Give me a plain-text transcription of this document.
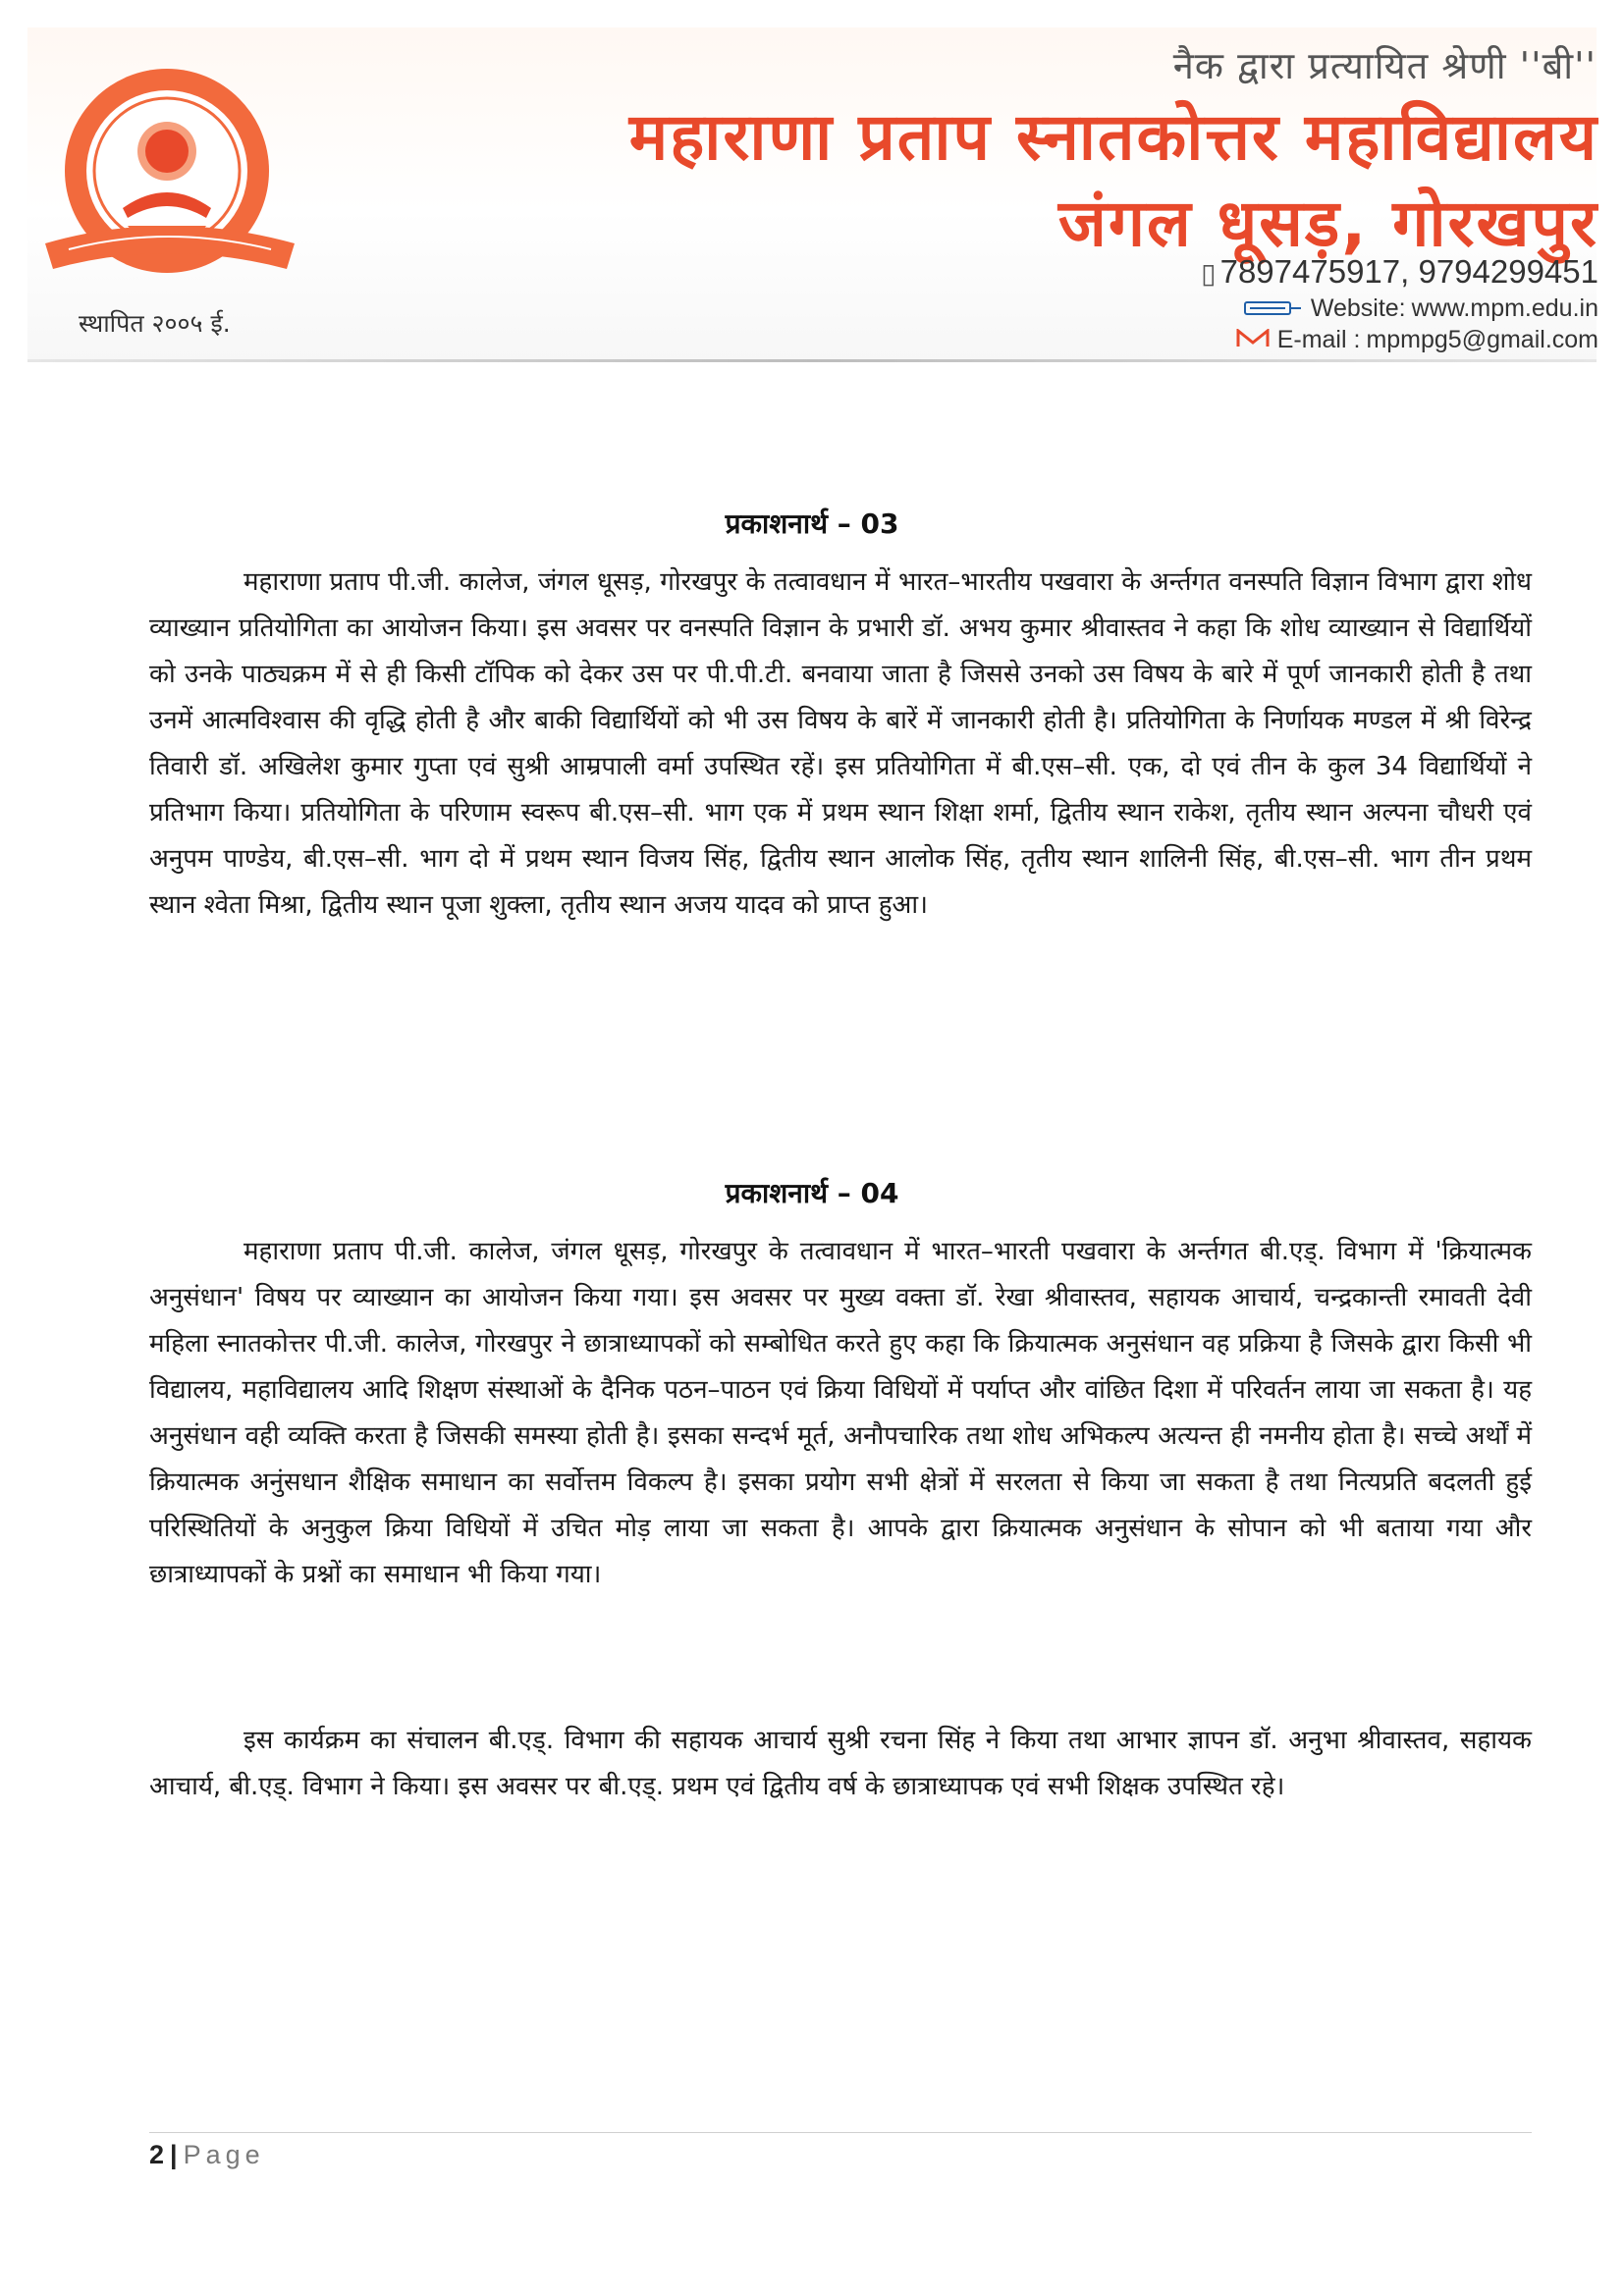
स्थापित २००५ ई.
नैक द्वारा प्रत्यायित श्रेणी ''बी''
महाराणा प्रताप स्नातकोत्तर महाविद्यालय
जंगल धूसड़, गोरखपुर
▯ 7897475917, 9794299451
Website: www.mpm.edu.in
E-mail : mpmpg5@gmail.com
प्रकाशनार्थ – 03

महाराणा प्रताप पी.जी. कालेज, जंगल धूसड़, गोरखपुर के तत्वावधान में भारत–भारतीय पखवारा के अर्न्तगत वनस्पति विज्ञान विभाग द्वारा शोध व्याख्यान प्रतियोगिता का आयोजन किया। इस अवसर पर वनस्पति विज्ञान के प्रभारी डॉ. अभय कुमार श्रीवास्तव ने कहा कि शोध व्याख्यान से विद्यार्थियों को उनके पाठ्यक्रम में से ही किसी टॉपिक को देकर उस पर पी.पी.टी. बनवाया जाता है जिससे उनको उस विषय के बारे में पूर्ण जानकारी होती है तथा उनमें आत्मविश्वास की वृद्धि होती है और बाकी विद्यार्थियों को भी उस विषय के बारें में जानकारी होती है। प्रतियोगिता के निर्णायक मण्डल में श्री विरेन्द्र तिवारी डॉ. अखिलेश कुमार गुप्ता एवं सुश्री आम्रपाली वर्मा उपस्थित रहें। इस प्रतियोगिता में बी.एस–सी. एक, दो एवं तीन के कुल 34 विद्यार्थियों ने प्रतिभाग किया। प्रतियोगिता के परिणाम स्वरूप बी.एस–सी. भाग एक में प्रथम स्थान शिक्षा शर्मा, द्वितीय स्थान राकेश, तृतीय स्थान अल्पना चौधरी एवं अनुपम पाण्डेय, बी.एस–सी. भाग दो में प्रथम स्थान विजय सिंह, द्वितीय स्थान आलोक सिंह, तृतीय स्थान शालिनी सिंह, बी.एस–सी. भाग तीन प्रथम स्थान श्वेता मिश्रा, द्वितीय स्थान पूजा शुक्ला, तृतीय स्थान अजय यादव को प्राप्त हुआ।

प्रकाशनार्थ – 04

महाराणा प्रताप पी.जी. कालेज, जंगल धूसड़, गोरखपुर के तत्वावधान में भारत–भारती पखवारा के अर्न्तगत बी.एड्. विभाग में 'क्रियात्मक अनुसंधान' विषय पर व्याख्यान का आयोजन किया गया। इस अवसर पर मुख्य वक्ता डॉ. रेखा श्रीवास्तव, सहायक आचार्य, चन्द्रकान्ती रमावती देवी महिला स्नातकोत्तर पी.जी. कालेज, गोरखपुर ने छात्राध्यापकों को सम्बोधित करते हुए कहा कि क्रियात्मक अनुसंधान वह प्रक्रिया है जिसके द्वारा किसी भी विद्यालय, महाविद्यालय आदि शिक्षण संस्थाओं के दैनिक पठन–पाठन एवं क्रिया विधियों में पर्याप्त और वांछित दिशा में परिवर्तन लाया जा सकता है। यह अनुसंधान वही व्यक्ति करता है जिसकी समस्या होती है। इसका सन्दर्भ मूर्त, अनौपचारिक तथा शोध अभिकल्प अत्यन्त ही नमनीय होता है। सच्चे अर्थों में क्रियात्मक अनुंसधान शैक्षिक समाधान का सर्वोत्तम विकल्प है। इसका प्रयोग सभी क्षेत्रों में सरलता से किया जा सकता है तथा नित्यप्रति बदलती हुई परिस्थितियों के अनुकुल क्रिया विधियों में उचित मोड़ लाया जा सकता है। आपके द्वारा क्रियात्मक अनुसंधान के सोपान को भी बताया गया और छात्राध्यापकों के प्रश्नों का समाधान भी किया गया।

इस कार्यक्रम का संचालन बी.एड्. विभाग की सहायक आचार्य सुश्री रचना सिंह ने किया तथा आभार ज्ञापन डॉ. अनुभा श्रीवास्तव, सहायक आचार्य, बी.एड्. विभाग ने किया। इस अवसर पर बी.एड्. प्रथम एवं द्वितीय वर्ष के छात्राध्यापक एवं सभी शिक्षक उपस्थित रहे।

2 | Page
